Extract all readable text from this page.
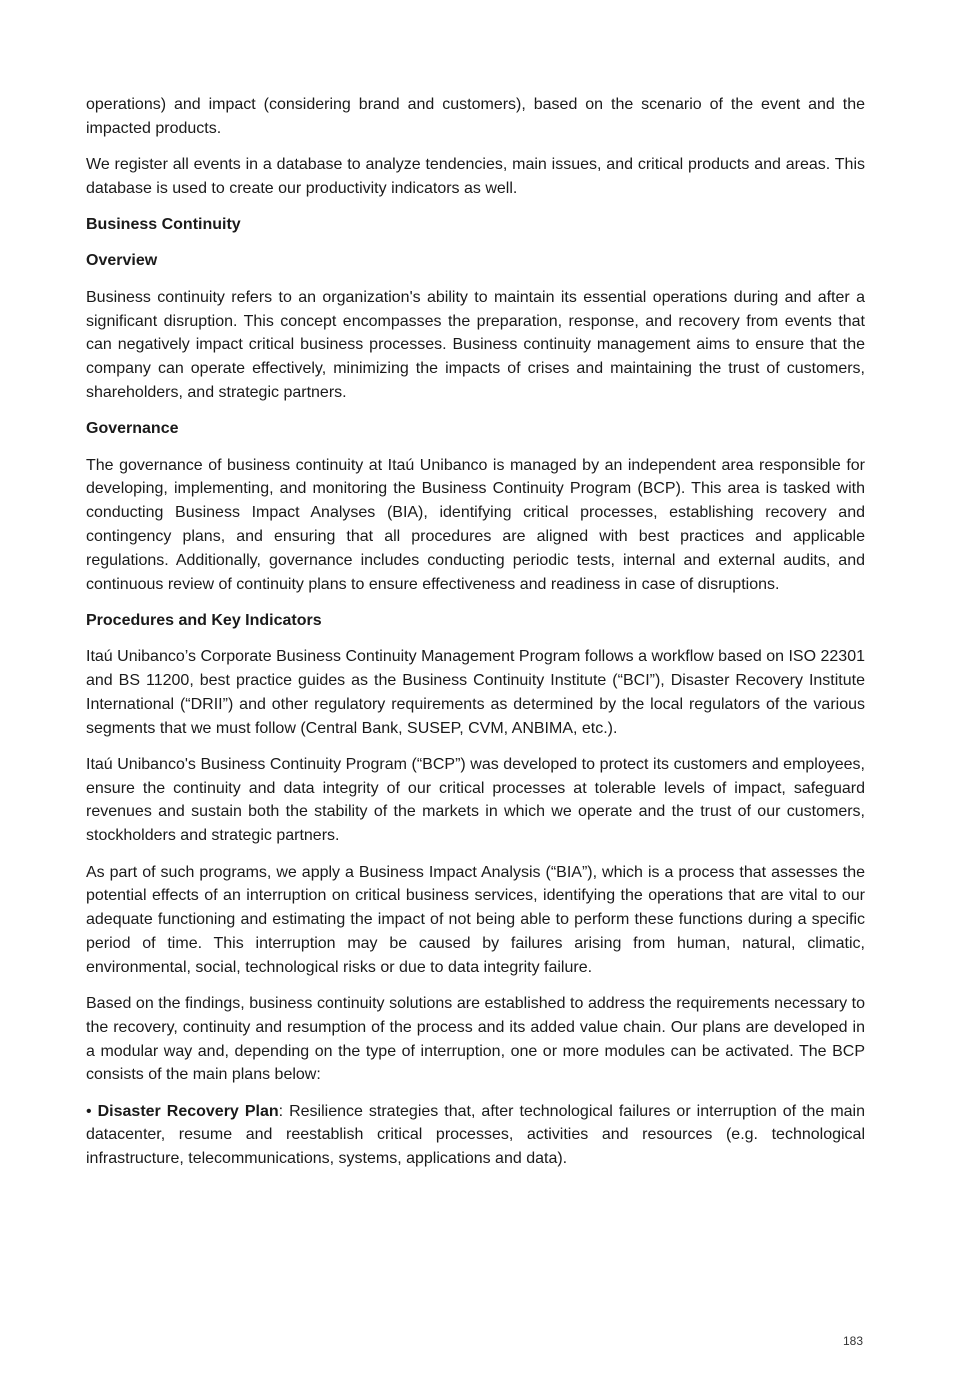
operations) and impact (considering brand and customers), based on the scenario of the event and the impacted products.

We register all events in a database to analyze tendencies, main issues, and critical products and areas. This database is used to create our productivity indicators as well.

Business Continuity
Overview

Business continuity refers to an organization's ability to maintain its essential operations during and after a significant disruption. This concept encompasses the preparation, response, and recovery from events that can negatively impact critical business processes. Business continuity management aims to ensure that the company can operate effectively, minimizing the impacts of crises and maintaining the trust of customers, shareholders, and strategic partners.

Governance

The governance of business continuity at Itaú Unibanco is managed by an independent area responsible for developing, implementing, and monitoring the Business Continuity Program (BCP). This area is tasked with conducting Business Impact Analyses (BIA), identifying critical processes, establishing recovery and contingency plans, and ensuring that all procedures are aligned with best practices and applicable regulations. Additionally, governance includes conducting periodic tests, internal and external audits, and continuous review of continuity plans to ensure effectiveness and readiness in case of disruptions.

Procedures and Key Indicators

Itaú Unibanco’s Corporate Business Continuity Management Program follows a workflow based on ISO 22301 and BS 11200, best practice guides as the Business Continuity Institute (“BCI”), Disaster Recovery Institute International (“DRII”) and other regulatory requirements as determined by the local regulators of the various segments that we must follow (Central Bank, SUSEP, CVM, ANBIMA, etc.).

Itaú Unibanco's Business Continuity Program (“BCP”) was developed to protect its customers and employees, ensure the continuity and data integrity of our critical processes at tolerable levels of impact, safeguard revenues and sustain both the stability of the markets in which we operate and the trust of our customers, stockholders and strategic partners.

As part of such programs, we apply a Business Impact Analysis (“BIA”), which is a process that assesses the potential effects of an interruption on critical business services, identifying the operations that are vital to our adequate functioning and estimating the impact of not being able to perform these functions during a specific period of time. This interruption may be caused by failures arising from human, natural, climatic, environmental, social, technological risks or due to data integrity failure.

Based on the findings, business continuity solutions are established to address the requirements necessary to the recovery, continuity and resumption of the process and its added value chain. Our plans are developed in a modular way and, depending on the type of interruption, one or more modules can be activated. The BCP consists of the main plans below:

• Disaster Recovery Plan: Resilience strategies that, after technological failures or interruption of the main datacenter, resume and reestablish critical processes, activities and resources (e.g. technological infrastructure, telecommunications, systems, applications and data).

183
